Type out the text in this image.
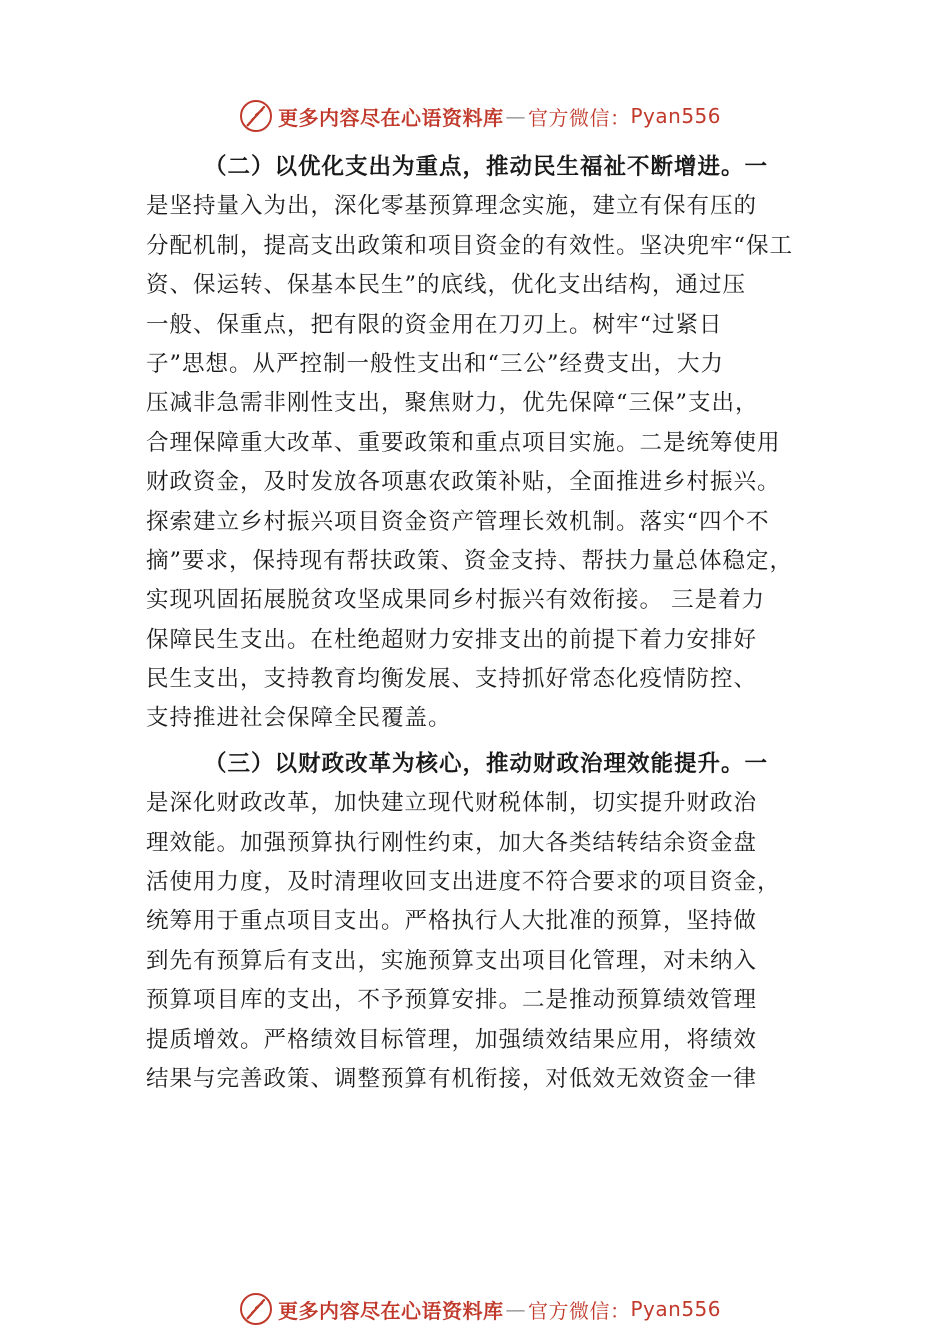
更多内容尽在心语资料库 — 官方微信： Pyan556
（二）以优化支出为重点，推动民生福祉不断增进。一
是坚持量入为出，深化零基预算理念实施，建立有保有压的
分配机制，提高支出政策和项目资金的有效性。坚决兜牢“保工
资、保运转、保基本民生”的底线，优化支出结构，通过压
一般、保重点，把有限的资金用在刀刃上。树牢“过紧日
子”思想。从严控制一般性支出和“三公”经费支出，大力
压减非急需非刚性支出，聚焦财力，优先保障“三保”支出，
合理保障重大改革、重要政策和重点项目实施。二是统筹使用
财政资金，及时发放各项惠农政策补贴，全面推进乡村振兴。
探索建立乡村振兴项目资金资产管理长效机制。落实“四个不
摘”要求，保持现有帮扶政策、资金支持、帮扶力量总体稳定，
实现巩固拓展脱贫攻坚成果同乡村振兴有效衔接。 三是着力
保障民生支出。在杜绝超财力安排支出的前提下着力安排好
民生支出，支持教育均衡发展、支持抓好常态化疫情防控、
支持推进社会保障全民覆盖。
（三）以财政改革为核心，推动财政治理效能提升。一
是深化财政改革，加快建立现代财税体制，切实提升财政治
理效能。加强预算执行刚性约束，加大各类结转结余资金盘
活使用力度，及时清理收回支出进度不符合要求的项目资金，
统筹用于重点项目支出。严格执行人大批准的预算，坚持做
到先有预算后有支出，实施预算支出项目化管理，对未纳入
预算项目库的支出，不予预算安排。二是推动预算绩效管理
提质增效。严格绩效目标管理，加强绩效结果应用，将绩效
结果与完善政策、调整预算有机衔接，对低效无效资金一律
更多内容尽在心语资料库 — 官方微信： Pyan556
